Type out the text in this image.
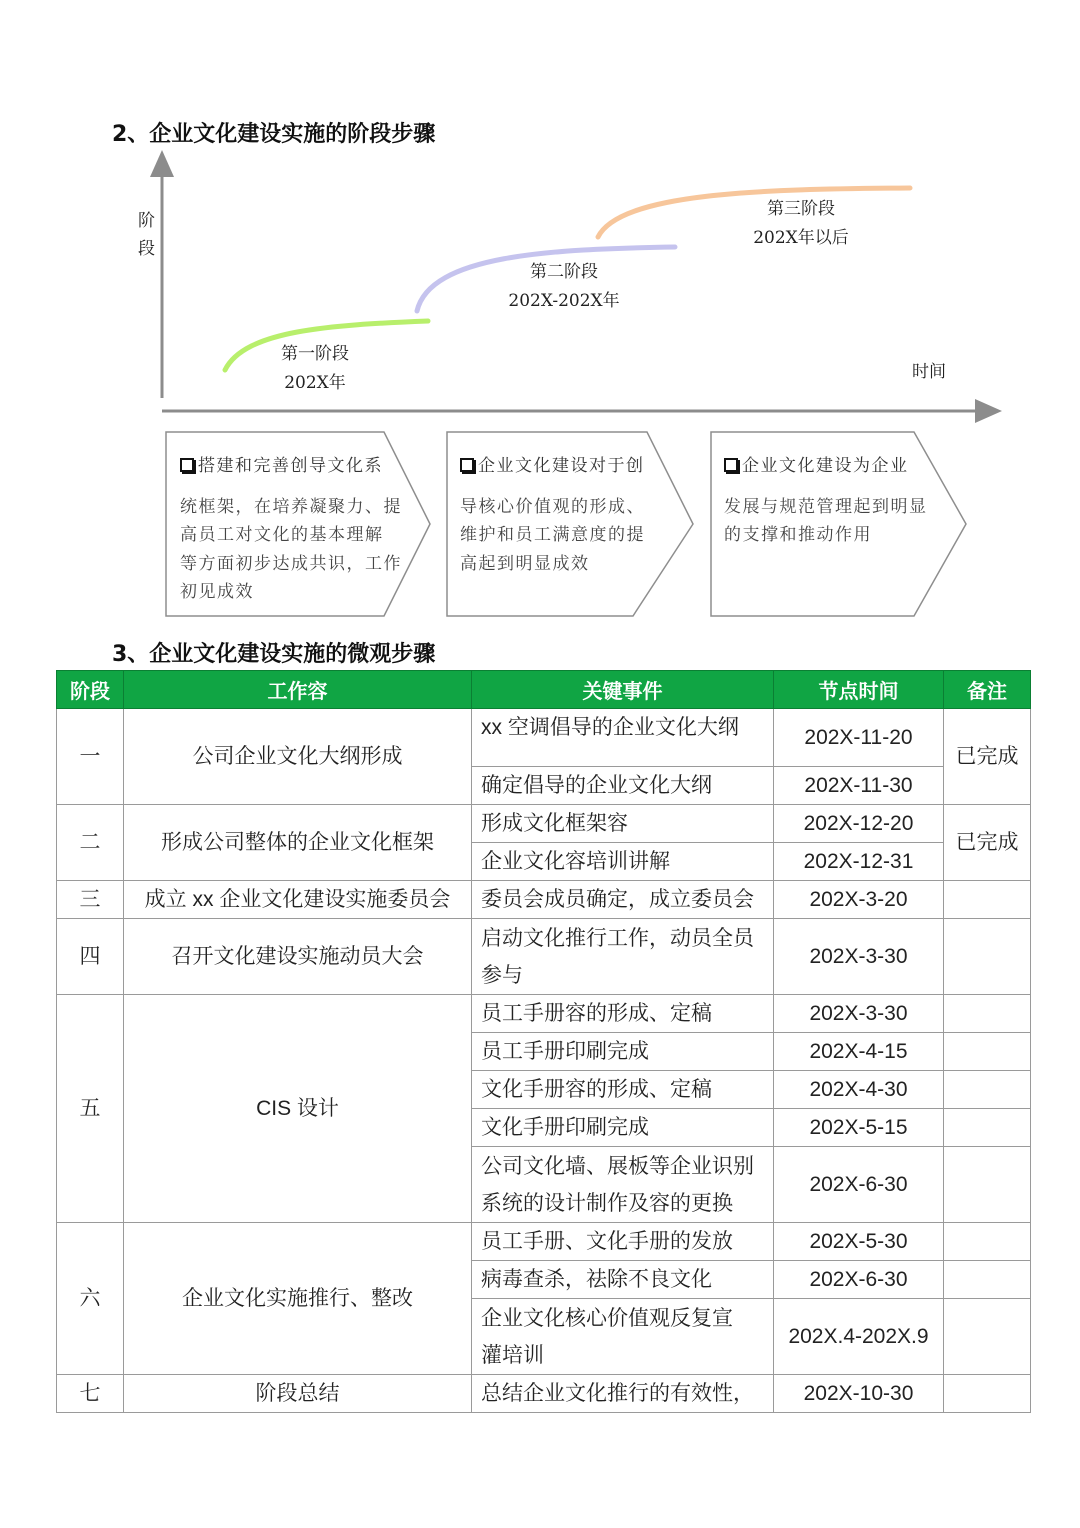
2、企业文化建设实施的阶段步骤
阶
段
时间
第一阶段
202X年
第二阶段
202X-202X年
第三阶段
202X年以后
搭建和完善创导文化系
统框架，在培养凝聚力、提
高员工对文化的基本理解
等方面初步达成共识，工作
初见成效
企业文化建设对于创
导核心价值观的形成、
维护和员工满意度的提
高起到明显成效
企业文化建设为企业
发展与规范管理起到明显
的支撑和推动作用
3、企业文化建设实施的微观步骤
阶段	工作容	关键事件	节点时间	备注
一	公司企业文化大纲形成	xx 空调倡导的企业文化大纲	202X-11-20	已完成
		确定倡导的企业文化大纲	202X-11-30	
二	形成公司整体的企业文化框架	形成文化框架容	202X-12-20	已完成
		企业文化容培训讲解	202X-12-31	
三	成立 xx 企业文化建设实施委员会	委员会成员确定，成立委员会	202X-3-20	
四	召开文化建设实施动员大会	启动文化推行工作，动员全员
参与	202X-3-30	
五	CIS 设计	员工手册容的形成、定稿	202X-3-30	
		员工手册印刷完成	202X-4-15	
		文化手册容的形成、定稿	202X-4-30	
		文化手册印刷完成	202X-5-15	

		公司文化墙、展板等企业识别
系统的设计制作及容的更换	202X-6-30	
六	企业文化实施推行、整改	员工手册、文化手册的发放	202X-5-30	
		病毒查杀，祛除不良文化	202X-6-30	

		企业文化核心价值观反复宣
灌培训	202X.4-202X.9	
七	阶段总结	总结企业文化推行的有效性，	202X-10-30	
